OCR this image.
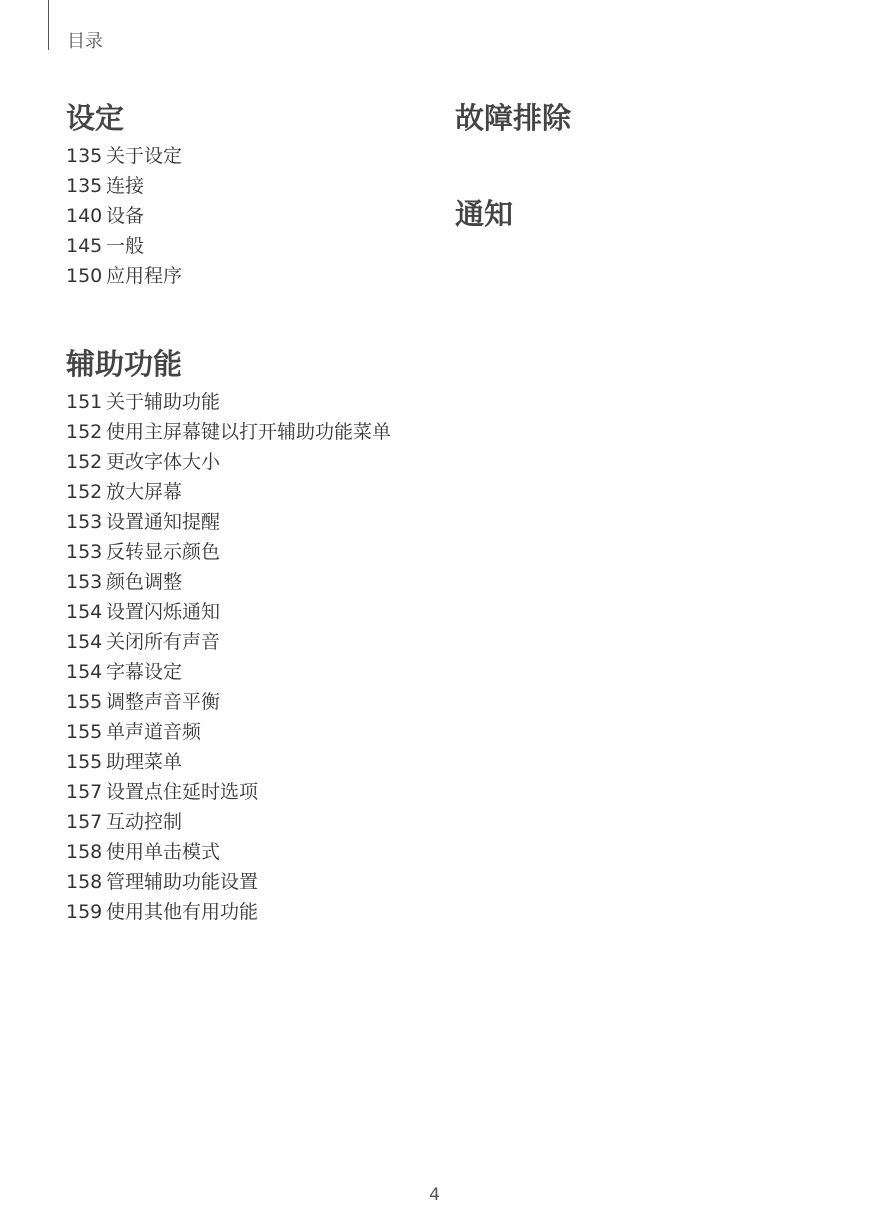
目录
设定
135 关于设定
135 连接
140 设备
145 一般
150 应用程序
辅助功能
151 关于辅助功能
152 使用主屏幕键以打开辅助功能菜单
152 更改字体大小
152 放大屏幕
153 设置通知提醒
153 反转显示颜色
153 颜色调整
154 设置闪烁通知
154 关闭所有声音
154 字幕设定
155 调整声音平衡
155 单声道音频
155 助理菜单
157 设置点住延时选项
157 互动控制
158 使用单击模式
158 管理辅助功能设置
159 使用其他有用功能
故障排除
通知
4
